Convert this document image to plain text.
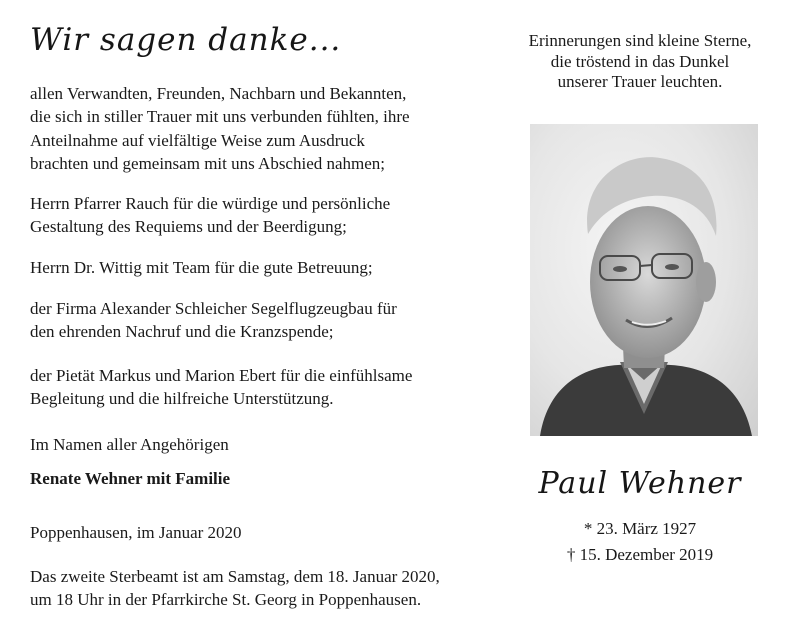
Wir sagen danke...
allen Verwandten, Freunden, Nachbarn und Bekannten,
die sich in stiller Trauer mit uns verbunden fühlten, ihre
Anteilnahme auf vielfältige Weise zum Ausdruck
brachten und gemeinsam mit uns Abschied nahmen;
Herrn Pfarrer Rauch für die würdige und persönliche
Gestaltung des Requiems und der Beerdigung;
Herrn Dr. Wittig mit Team für die gute Betreuung;
der Firma Alexander Schleicher Segelflugzeugbau für
den ehrenden Nachruf und die Kranzspende;
der Pietät Markus und Marion Ebert für die einfühlsame
Begleitung und die hilfreiche Unterstützung.
Im Namen aller Angehörigen
Renate Wehner mit Familie
Poppenhausen, im Januar 2020
Das zweite Sterbeamt ist am Samstag, dem 18. Januar 2020,
um 18 Uhr in der Pfarrkirche St. Georg in Poppenhausen.
Erinnerungen sind kleine Sterne,
die tröstend in das Dunkel
unserer Trauer leuchten.
Paul Wehner
* 23. März 1927
† 15. Dezember 2019
